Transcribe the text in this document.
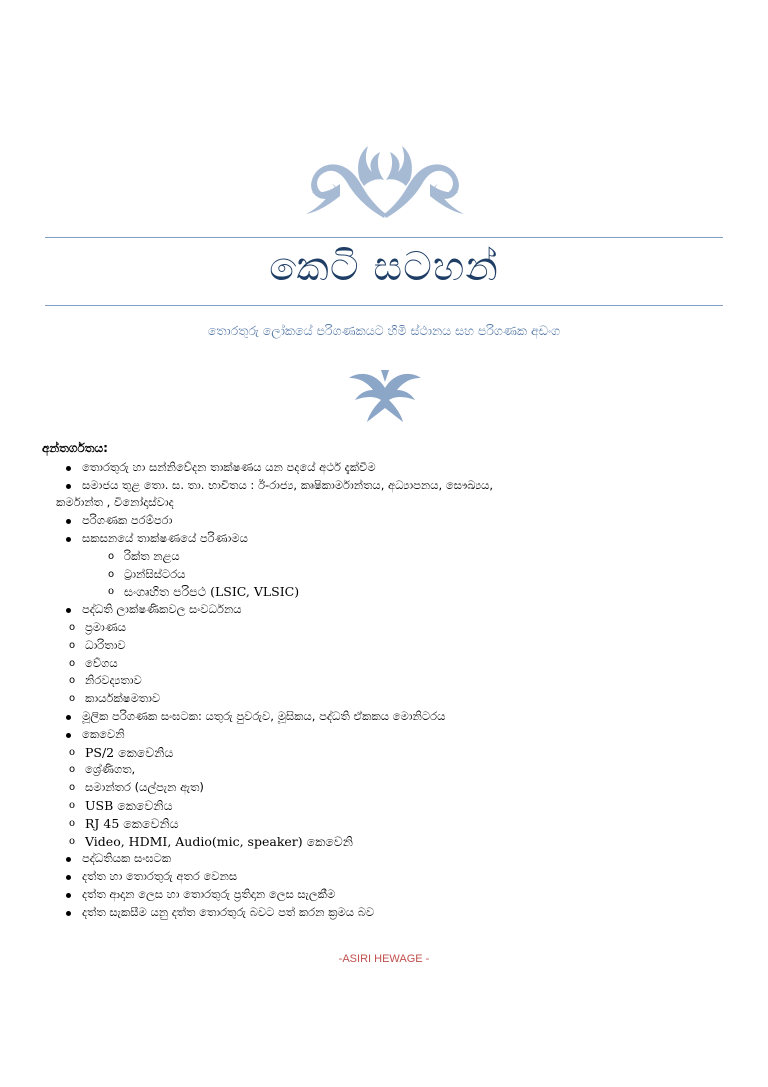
කෙටි සටහන්
තොරතුරු ලෝකයේ පරිගණකයට හිමි ස්ථානය සහ පරිගණක අඩංග
අන්තර්ගතය:
තොරතුරු හා සන්නිවේදන තාක්ෂණය යන පදයේ අර්ථ දැක්වීම
සමාජය තුළ තො. ස. තා. භාවිතය : ඊ-රාජ්‍ය, කෘෂිකාර්මාන්තය, අධ්‍යාපනය, සෞඛ්‍යය,
කර්මාන්ත , විනෝදාස්වාද
පරිගණක පරම්පරා
සකසනයේ තාක්ෂණයේ පරිණාමය
o රික්ත නළය
o ට්‍රාන්සිස්ටරය
o සංගෘහිත පරිපථ (LSIC, VLSIC)
පද්ධති ලාක්ෂණිකවල සංවර්ධනය
o ප්‍රමාණය
o ධාරිතාව
o වේගය
o නිරවද්‍යතාව
o කාර්යක්ෂමතාව
මූලික පරිගණක සංඝටක: යතුරු පුවරුව, මූසිකය, පද්ධති ඒකකය මොනිටරය
කෙවෙනි
o PS/2 කෙවෙනිය
o ශ්‍රේණිගත,
o සමාන්තර (යල්පැන ඇත)
o USB කෙවෙනිය
o RJ 45 කෙවෙනිය
o Video, HDMI, Audio(mic, speaker) කෙවෙනි
පද්ධතියක සංඝටක
දත්ත හා තොරතුරු අතර වෙනස
දත්ත ආදාන ලෙස හා තොරතුරු ප්‍රතිදාන ලෙස සැලකීම
දත්ත සැකසීම යනු දත්ත තොරතුරු බවට පත් කරන ක්‍රමය බව
-ASIRI HEWAGE -
